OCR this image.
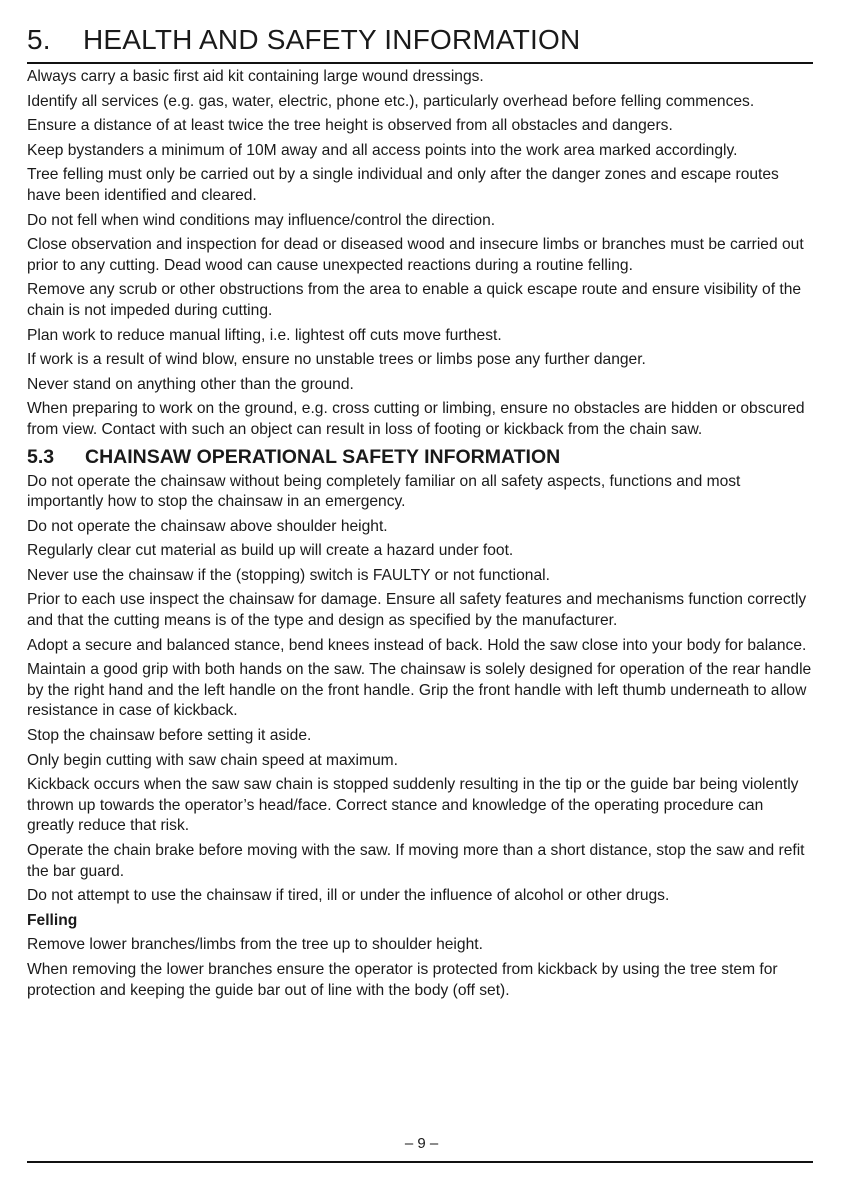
5. HEALTH AND SAFETY INFORMATION

Always carry a basic first aid kit containing large wound dressings.

Identify all services (e.g. gas, water, electric, phone etc.), particularly overhead before felling commences.

Ensure a distance of at least twice the tree height is observed from all obstacles and dangers.

Keep bystanders a minimum of 10M away and all access points into the work area marked accordingly.

Tree felling must only be carried out by a single individual and only after the danger zones and escape routes have been identified and cleared.

Do not fell when wind conditions may influence/control the direction.

Close observation and inspection for dead or diseased wood and insecure limbs or branches must be carried out prior to any cutting. Dead wood can cause unexpected reactions during a routine felling.

Remove any scrub or other obstructions from the area to enable a quick escape route and ensure visibility of the chain is not impeded during cutting.

Plan work to reduce manual lifting, i.e. lightest off cuts move furthest.

If work is a result of wind blow, ensure no unstable trees or limbs pose any further danger.

Never stand on anything other than the ground.

When preparing to work on the ground, e.g. cross cutting or limbing, ensure no obstacles are hidden or obscured from view. Contact with such an object can result in loss of footing or kickback from the chain saw.

5.3 CHAINSAW OPERATIONAL SAFETY INFORMATION

Do not operate the chainsaw without being completely familiar on all safety aspects, functions and most importantly how to stop the chainsaw in an emergency.

Do not operate the chainsaw above shoulder height.

Regularly clear cut material as build up will create a hazard under foot.

Never use the chainsaw if the (stopping) switch is FAULTY or not functional.

Prior to each use inspect the chainsaw for damage. Ensure all safety features and mechanisms function correctly and that the cutting means is of the type and design as specified by the manufacturer.

Adopt a secure and balanced stance, bend knees instead of back. Hold the saw close into your body for balance.

Maintain a good grip with both hands on the saw. The chainsaw is solely designed for operation of the rear handle by the right hand and the left handle on the front handle. Grip the front handle with left thumb underneath to allow resistance in case of kickback.

Stop the chainsaw before setting it aside.

Only begin cutting with saw chain speed at maximum.

Kickback occurs when the saw saw chain is stopped suddenly resulting in the tip or the guide bar being violently thrown up towards the operator’s head/face. Correct stance and knowledge of the operating procedure can greatly reduce that risk.

Operate the chain brake before moving with the saw. If moving more than a short distance, stop the saw and refit the bar guard.

Do not attempt to use the chainsaw if tired, ill or under the influence of alcohol or other drugs.

Felling

Remove lower branches/limbs from the tree up to shoulder height.

When removing the lower branches ensure the operator is protected from kickback by using the tree stem for protection and keeping the guide bar out of line with the body (off set).

– 9 –
